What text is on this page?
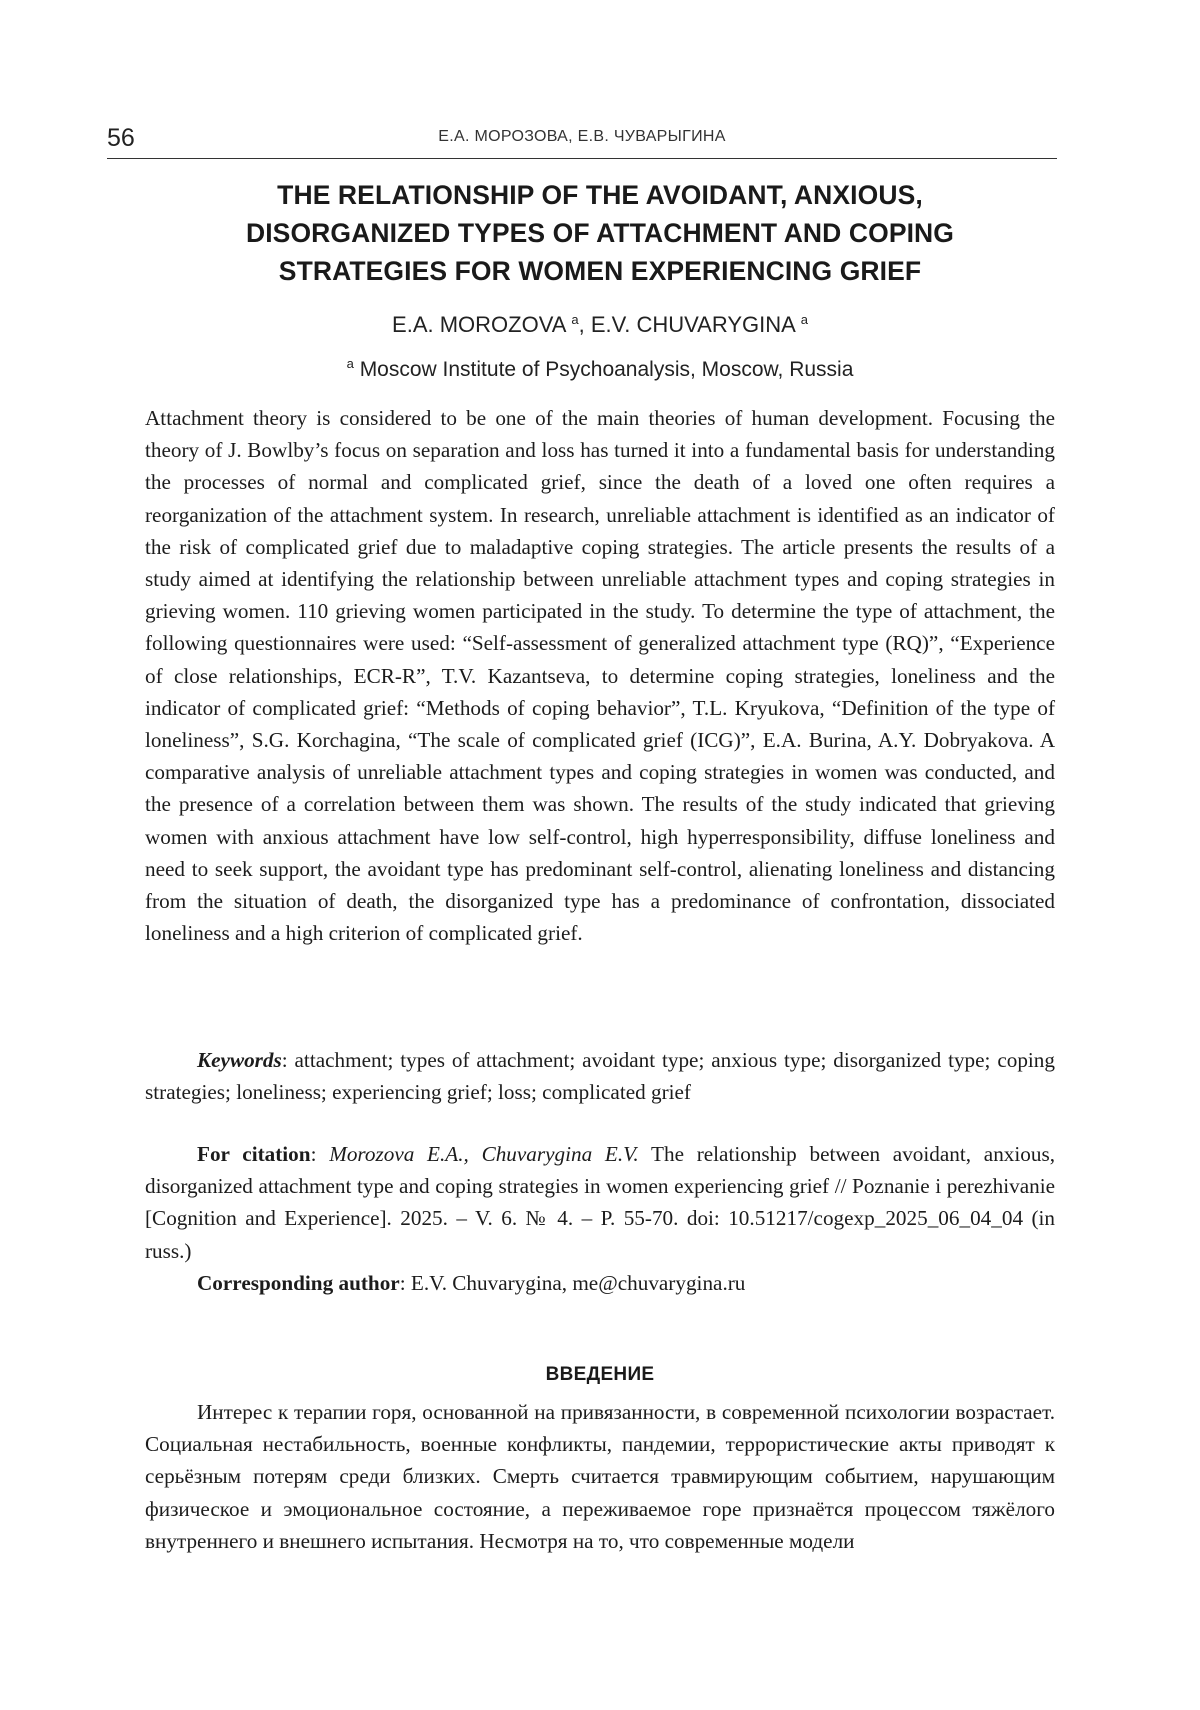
56	Е.А. МОРОЗОВА, Е.В. ЧУВАРЫГИНА
THE RELATIONSHIP OF THE AVOIDANT, ANXIOUS,
DISORGANIZED TYPES OF ATTACHMENT AND COPING
STRATEGIES FOR WOMEN EXPERIENCING GRIEF
E.A. MOROZOVA $^a$, E.V. CHUVARYGINA $^a$
$^a$ Moscow Institute of Psychoanalysis, Moscow, Russia

Attachment theory is considered to be one of the main theories of human development. Focusing the theory of J. Bowlby’s focus on separation and loss has turned it into a fundamental basis for understanding the processes of normal and complicated grief, since the death of a loved one often requires a reorganization of the attachment system. In research, unreliable attachment is identified as an indicator of the risk of complicated grief due to maladaptive coping strategies. The article presents the results of a study aimed at identifying the relationship between unreliable attachment types and coping strategies in grieving women. 110 grieving women participated in the study. To determine the type of attachment, the following questionnaires were used: “Self-assessment of generalized attachment type (RQ)”, “Experience of close relationships, ECR-R”, T.V. Kazantseva, to determine coping strategies, loneliness and the indicator of complicated grief: “Methods of coping behavior”, T.L. Kryukova, “Definition of the type of loneliness”, S.G. Korchagina, “The scale of complicated grief (ICG)”, E.A. Burina, A.Y. Dobryakova. A comparative analysis of unreliable attachment types and coping strategies in women was conducted, and the presence of a correlation between them was shown. The results of the study indicated that grieving women with anxious attachment have low self-control, high hyperresponsibility, diffuse loneliness and need to seek support, the avoidant type has predominant self-control, alienating loneliness and distancing from the situation of death, the disorganized type has a predominance of confrontation, dissociated loneliness and a high criterion of complicated grief.

Keywords: attachment; types of attachment; avoidant type; anxious type; disorganized type; coping strategies; loneliness; experiencing grief; loss; complicated grief

For citation: Morozova E.A., Chuvarygina E.V. The relationship between avoidant, anxious, disorganized attachment type and coping strategies in women experiencing grief // Poznanie i perezhivanie [Cognition and Experience]. 2025. – V. 6. № 4. – P. 55-70. doi: 10.51217/cogexp_2025_06_04_04 (in russ.)

Corresponding author: E.V. Chuvarygina, me@chuvarygina.ru

ВВЕДЕНИЕ
Интерес к терапии горя, основанной на привязанности, в современной психологии возрастает. Социальная нестабильность, военные конфликты, пандемии, террористические акты приводят к серьёзным потерям среди близких. Смерть считается травмирующим событием, нарушающим физическое и эмоциональное состояние, а переживаемое горе признаётся процессом тяжёлого внутреннего и внешнего испытания. Несмотря на то, что современные модели
